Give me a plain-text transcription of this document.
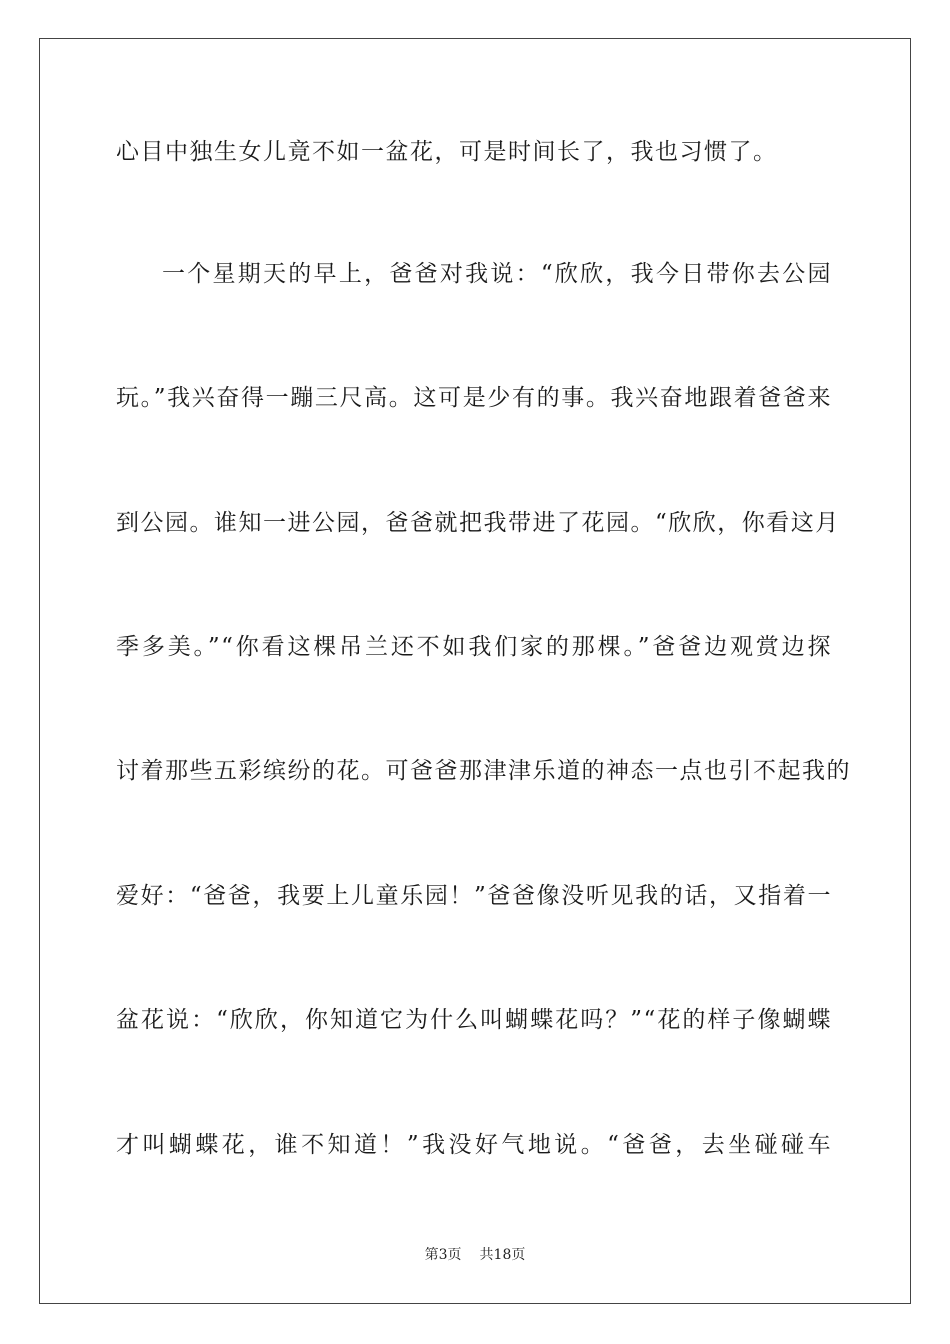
心目中独生女儿竟不如一盆花，可是时间长了，我也习惯了。
一个星期天的早上，爸爸对我说：“欣欣，我今日带你去公园
玩。”我兴奋得一蹦三尺高。这可是少有的事。我兴奋地跟着爸爸来
到公园。谁知一进公园，爸爸就把我带进了花园。“欣欣，你看这月
季多美。”“你看这棵吊兰还不如我们家的那棵。”爸爸边观赏边探
讨着那些五彩缤纷的花。可爸爸那津津乐道的神态一点也引不起我的
爱好：“爸爸，我要上儿童乐园！”爸爸像没听见我的话，又指着一
盆花说：“欣欣，你知道它为什么叫蝴蝶花吗？”“花的样子像蝴蝶
才叫蝴蝶花，谁不知道！”我没好气地说。“爸爸，去坐碰碰车
第3页 共18页
